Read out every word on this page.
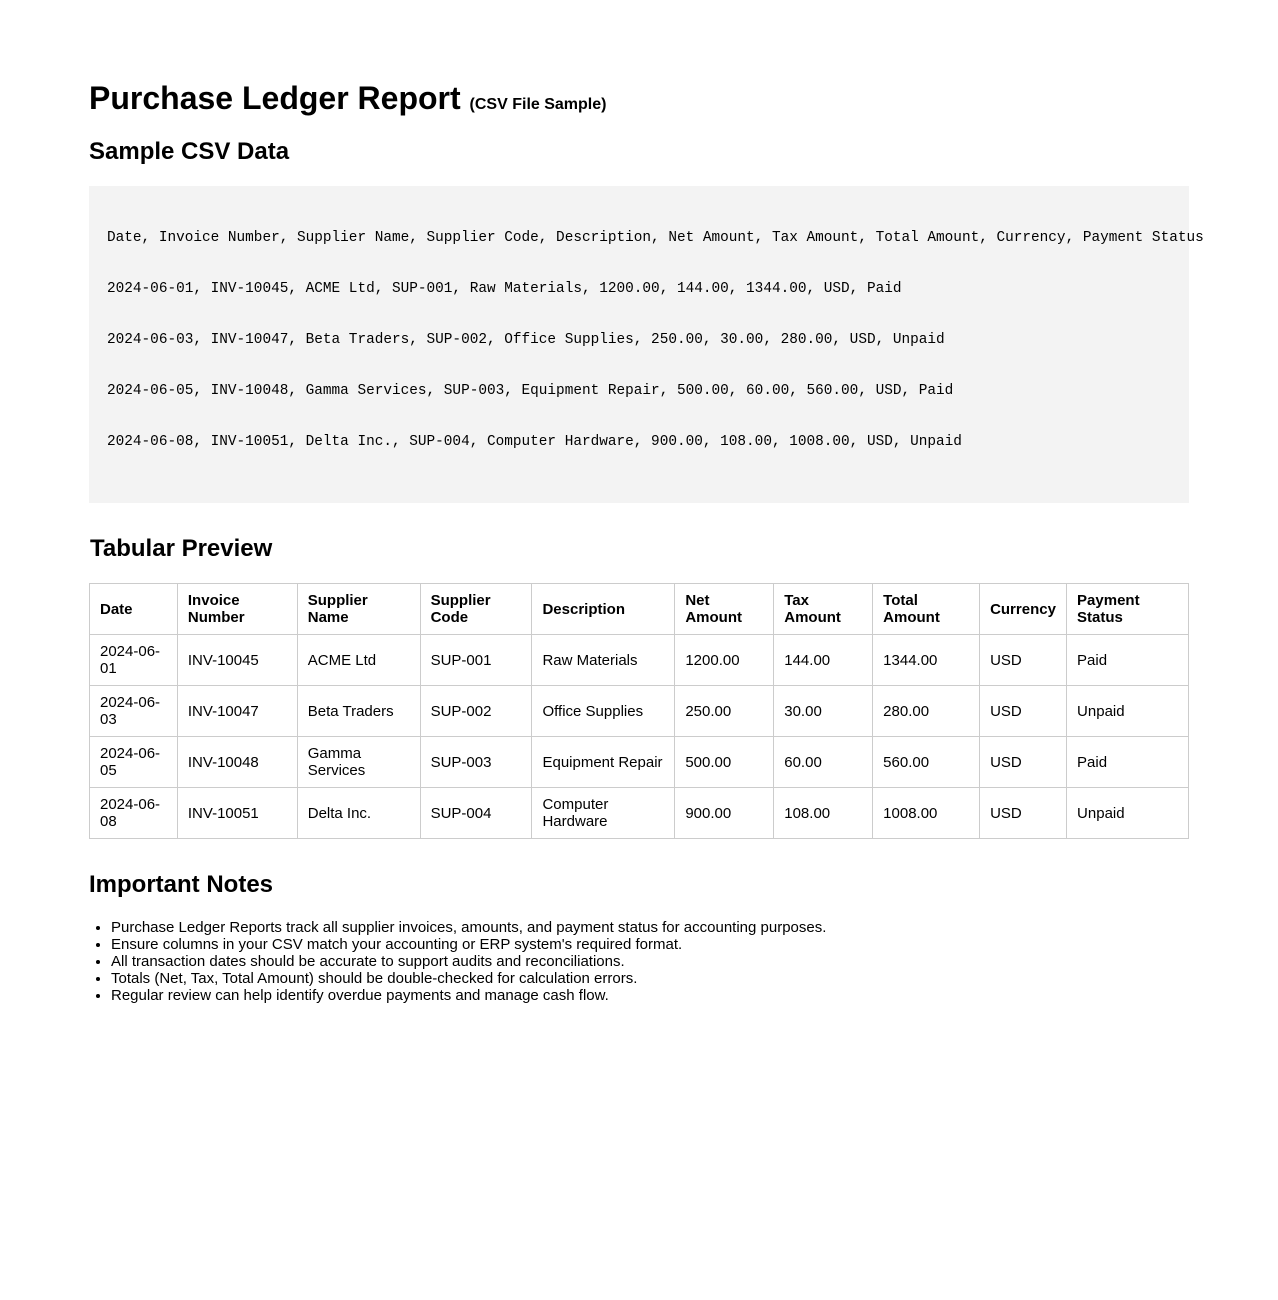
Purchase Ledger Report (CSV File Sample)
Sample CSV Data
Date, Invoice Number, Supplier Name, Supplier Code, Description, Net Amount, Tax Amount, Total Amount, Currency, Payment Status
2024-06-01, INV-10045, ACME Ltd, SUP-001, Raw Materials, 1200.00, 144.00, 1344.00, USD, Paid
2024-06-03, INV-10047, Beta Traders, SUP-002, Office Supplies, 250.00, 30.00, 280.00, USD, Unpaid
2024-06-05, INV-10048, Gamma Services, SUP-003, Equipment Repair, 500.00, 60.00, 560.00, USD, Paid
2024-06-08, INV-10051, Delta Inc., SUP-004, Computer Hardware, 900.00, 108.00, 1008.00, USD, Unpaid
Tabular Preview
Date	Invoice Number	Supplier Name	Supplier Code	Description	Net Amount	Tax Amount	Total Amount	Currency	Payment Status
2024-06-01	INV-10045	ACME Ltd	SUP-001	Raw Materials	1200.00	144.00	1344.00	USD	Paid
2024-06-03	INV-10047	Beta Traders	SUP-002	Office Supplies	250.00	30.00	280.00	USD	Unpaid
2024-06-05	INV-10048	Gamma Services	SUP-003	Equipment Repair	500.00	60.00	560.00	USD	Paid
2024-06-08	INV-10051	Delta Inc.	SUP-004	Computer Hardware	900.00	108.00	1008.00	USD	Unpaid
Important Notes
• Purchase Ledger Reports track all supplier invoices, amounts, and payment status for accounting purposes.
• Ensure columns in your CSV match your accounting or ERP system's required format.
• All transaction dates should be accurate to support audits and reconciliations.
• Totals (Net, Tax, Total Amount) should be double-checked for calculation errors.
• Regular review can help identify overdue payments and manage cash flow.
